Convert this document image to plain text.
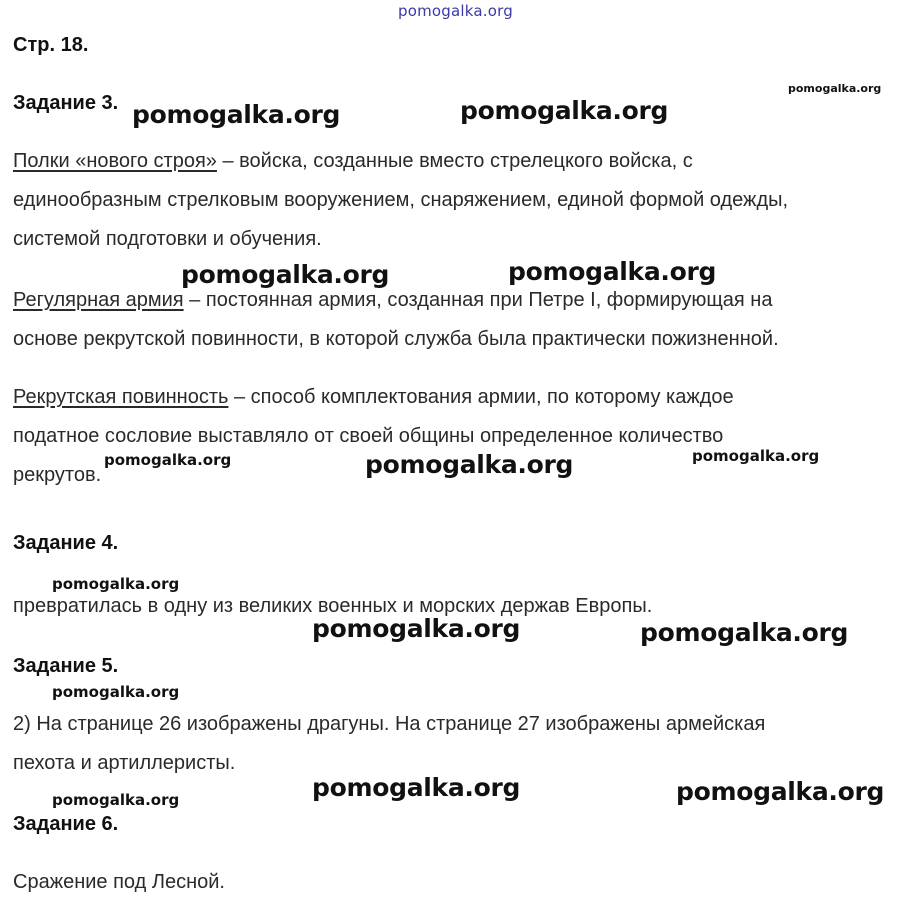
pomogalka.org
Стр. 18.
Задание 3.
Полки «нового строя» – войска, созданные вместо стрелецкого войска, с
единообразным стрелковым вооружением, снаряжением, единой формой одежды,
системой подготовки и обучения.
Регулярная армия – постоянная армия, созданная при Петре I, формирующая на
основе рекрутской повинности, в которой служба была практически пожизненной.
Рекрутская повинность – способ комплектования армии, по которому каждое
податное сословие выставляло от своей общины определенное количество
рекрутов.
Задание 4.
превратилась в одну из великих военных и морских держав Европы.
Задание 5.
2) На странице 26 изображены драгуны. На странице 27 изображены армейская
пехота и артиллеристы.
Задание 6.
Сражение под Лесной.
pomogalka.org
pomogalka.org	pomogalka.org
pomogalka.org	pomogalka.org
pomogalka.org	pomogalka.org	pomogalka.org
pomogalka.org
pomogalka.org	pomogalka.org
pomogalka.org
pomogalka.org	pomogalka.org
pomogalka.org
